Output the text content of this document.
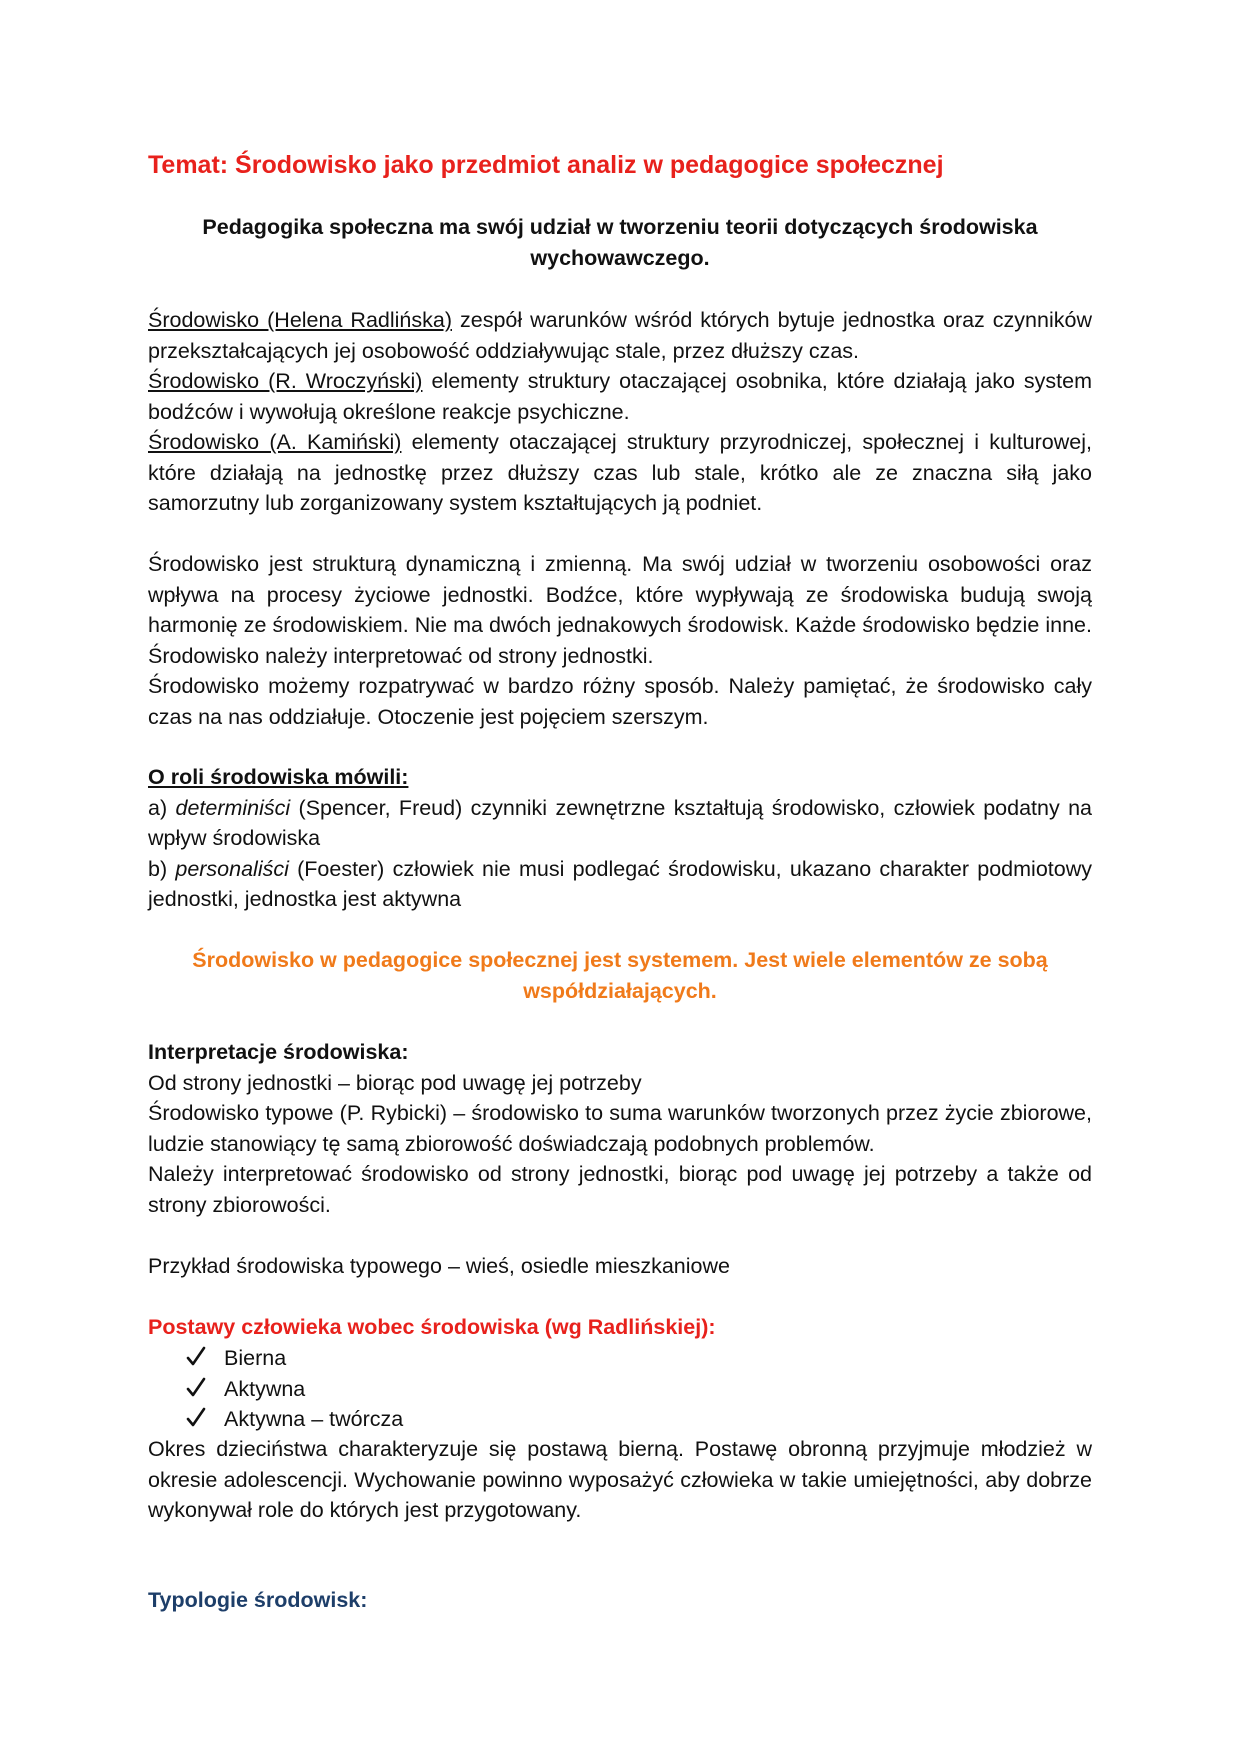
Temat: Środowisko jako przedmiot analiz w pedagogice społecznej
Pedagogika społeczna ma swój udział w tworzeniu teorii dotyczących środowiska wychowawczego.
Środowisko (Helena Radlińska) zespół warunków wśród których bytuje jednostka oraz czynników przekształcających jej osobowość oddziaływując stale, przez dłuższy czas.
Środowisko (R. Wroczyński) elementy struktury otaczającej osobnika, które działają jako system bodźców i wywołują określone reakcje psychiczne.
Środowisko (A. Kamiński) elementy otaczającej struktury przyrodniczej, społecznej i kulturowej, które działają na jednostkę przez dłuższy czas lub stale, krótko ale ze znaczna siłą jako samorzutny lub zorganizowany system kształtujących ją podniet.
Środowisko jest strukturą dynamiczną i zmienną. Ma swój udział w tworzeniu osobowości oraz wpływa na procesy życiowe jednostki. Bodźce, które wypływają ze środowiska budują swoją harmonię ze środowiskiem. Nie ma dwóch jednakowych środowisk. Każde środowisko będzie inne. Środowisko należy interpretować od strony jednostki.
Środowisko możemy rozpatrywać w bardzo różny sposób. Należy pamiętać, że środowisko cały czas na nas oddziałuje. Otoczenie jest pojęciem szerszym.
O roli środowiska mówili:
a) determiniści (Spencer, Freud) czynniki zewnętrzne kształtują środowisko, człowiek podatny na wpływ środowiska
b) personaliści (Foester) człowiek nie musi podlegać środowisku, ukazano charakter podmiotowy jednostki, jednostka jest aktywna
Środowisko w pedagogice społecznej jest systemem. Jest wiele elementów ze sobą współdziałających.
Interpretacje środowiska:
Od strony jednostki – biorąc pod uwagę jej potrzeby
Środowisko typowe (P. Rybicki) – środowisko to suma warunków tworzonych przez życie zbiorowe, ludzie stanowiący tę samą zbiorowość doświadczają podobnych problemów.
Należy interpretować środowisko od strony jednostki, biorąc pod uwagę jej potrzeby a także od strony zbiorowości.
Przykład środowiska typowego – wieś, osiedle mieszkaniowe
Postawy człowieka wobec środowiska (wg Radlińskiej):
Bierna
Aktywna
Aktywna – twórcza
Okres dzieciństwa charakteryzuje się postawą bierną. Postawę obronną przyjmuje młodzież w okresie adolescencji. Wychowanie powinno wyposażyć człowieka w takie umiejętności, aby dobrze wykonywał role do których jest przygotowany.
Typologie środowisk:
